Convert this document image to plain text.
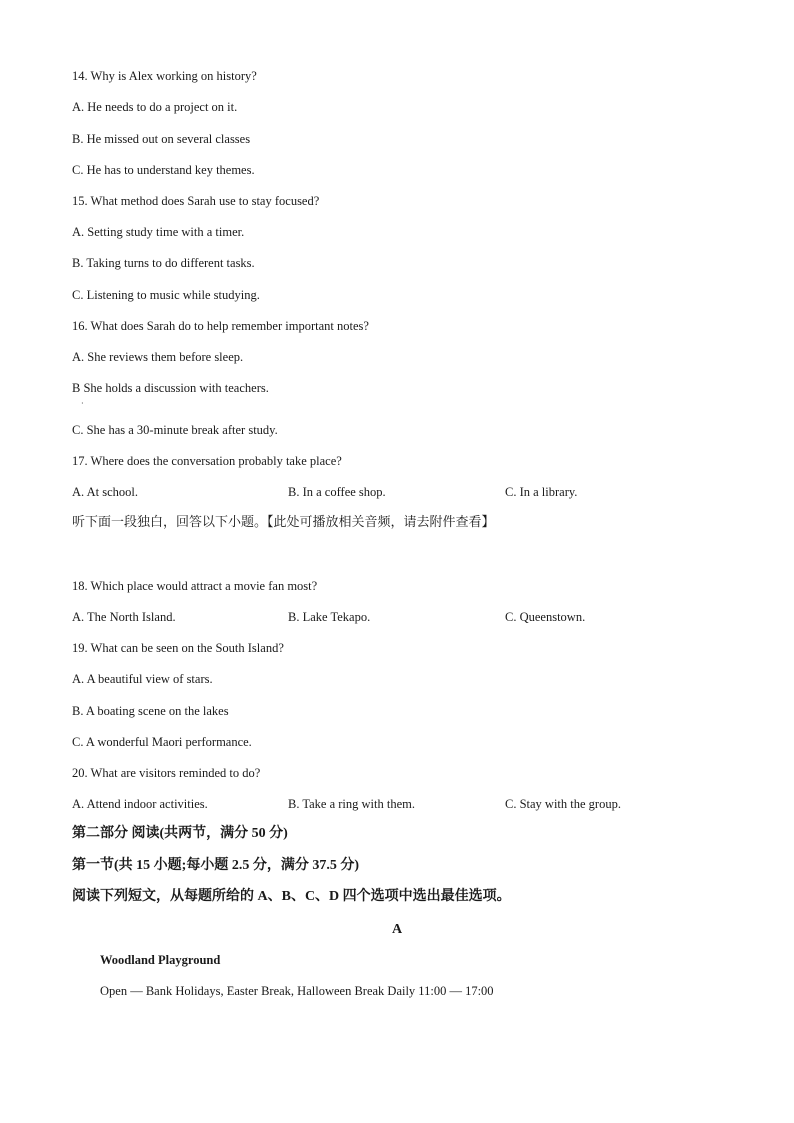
14. Why is Alex working on history?
A. He needs to do a project on it.
B. He missed out on several classes
C. He has to understand key themes.
15. What method does Sarah use to stay focused?
A. Setting study time with a timer.
B. Taking turns to do different tasks.
C. Listening to music while studying.
16. What does Sarah do to help remember important notes?
A. She reviews them before sleep.
B She holds a discussion with teachers.
·
C. She has a 30-minute break after study.
17. Where does the conversation probably take place?
A. At school.	B. In a coffee shop.	C. In a library.
听下面一段独白，回答以下小题。【此处可播放相关音频，请去附件查看】
18. Which place would attract a movie fan most?
A. The North Island.	B. Lake Tekapo.	C. Queenstown.
19. What can be seen on the South Island?
A. A beautiful view of stars.
B. A boating scene on the lakes
C. A wonderful Maori performance.
20. What are visitors reminded to do?
A. Attend indoor activities.	B. Take a ring with them.	C. Stay with the group.
第二部分 阅读(共两节，满分 50 分)
第一节(共 15 小题;每小题 2.5 分，满分 37.5 分)
阅读下列短文，从每题所给的 A、B、C、D 四个选项中选出最佳选项。
A
Woodland Playground
Open — Bank Holidays, Easter Break, Halloween Break Daily 11:00 — 17:00
